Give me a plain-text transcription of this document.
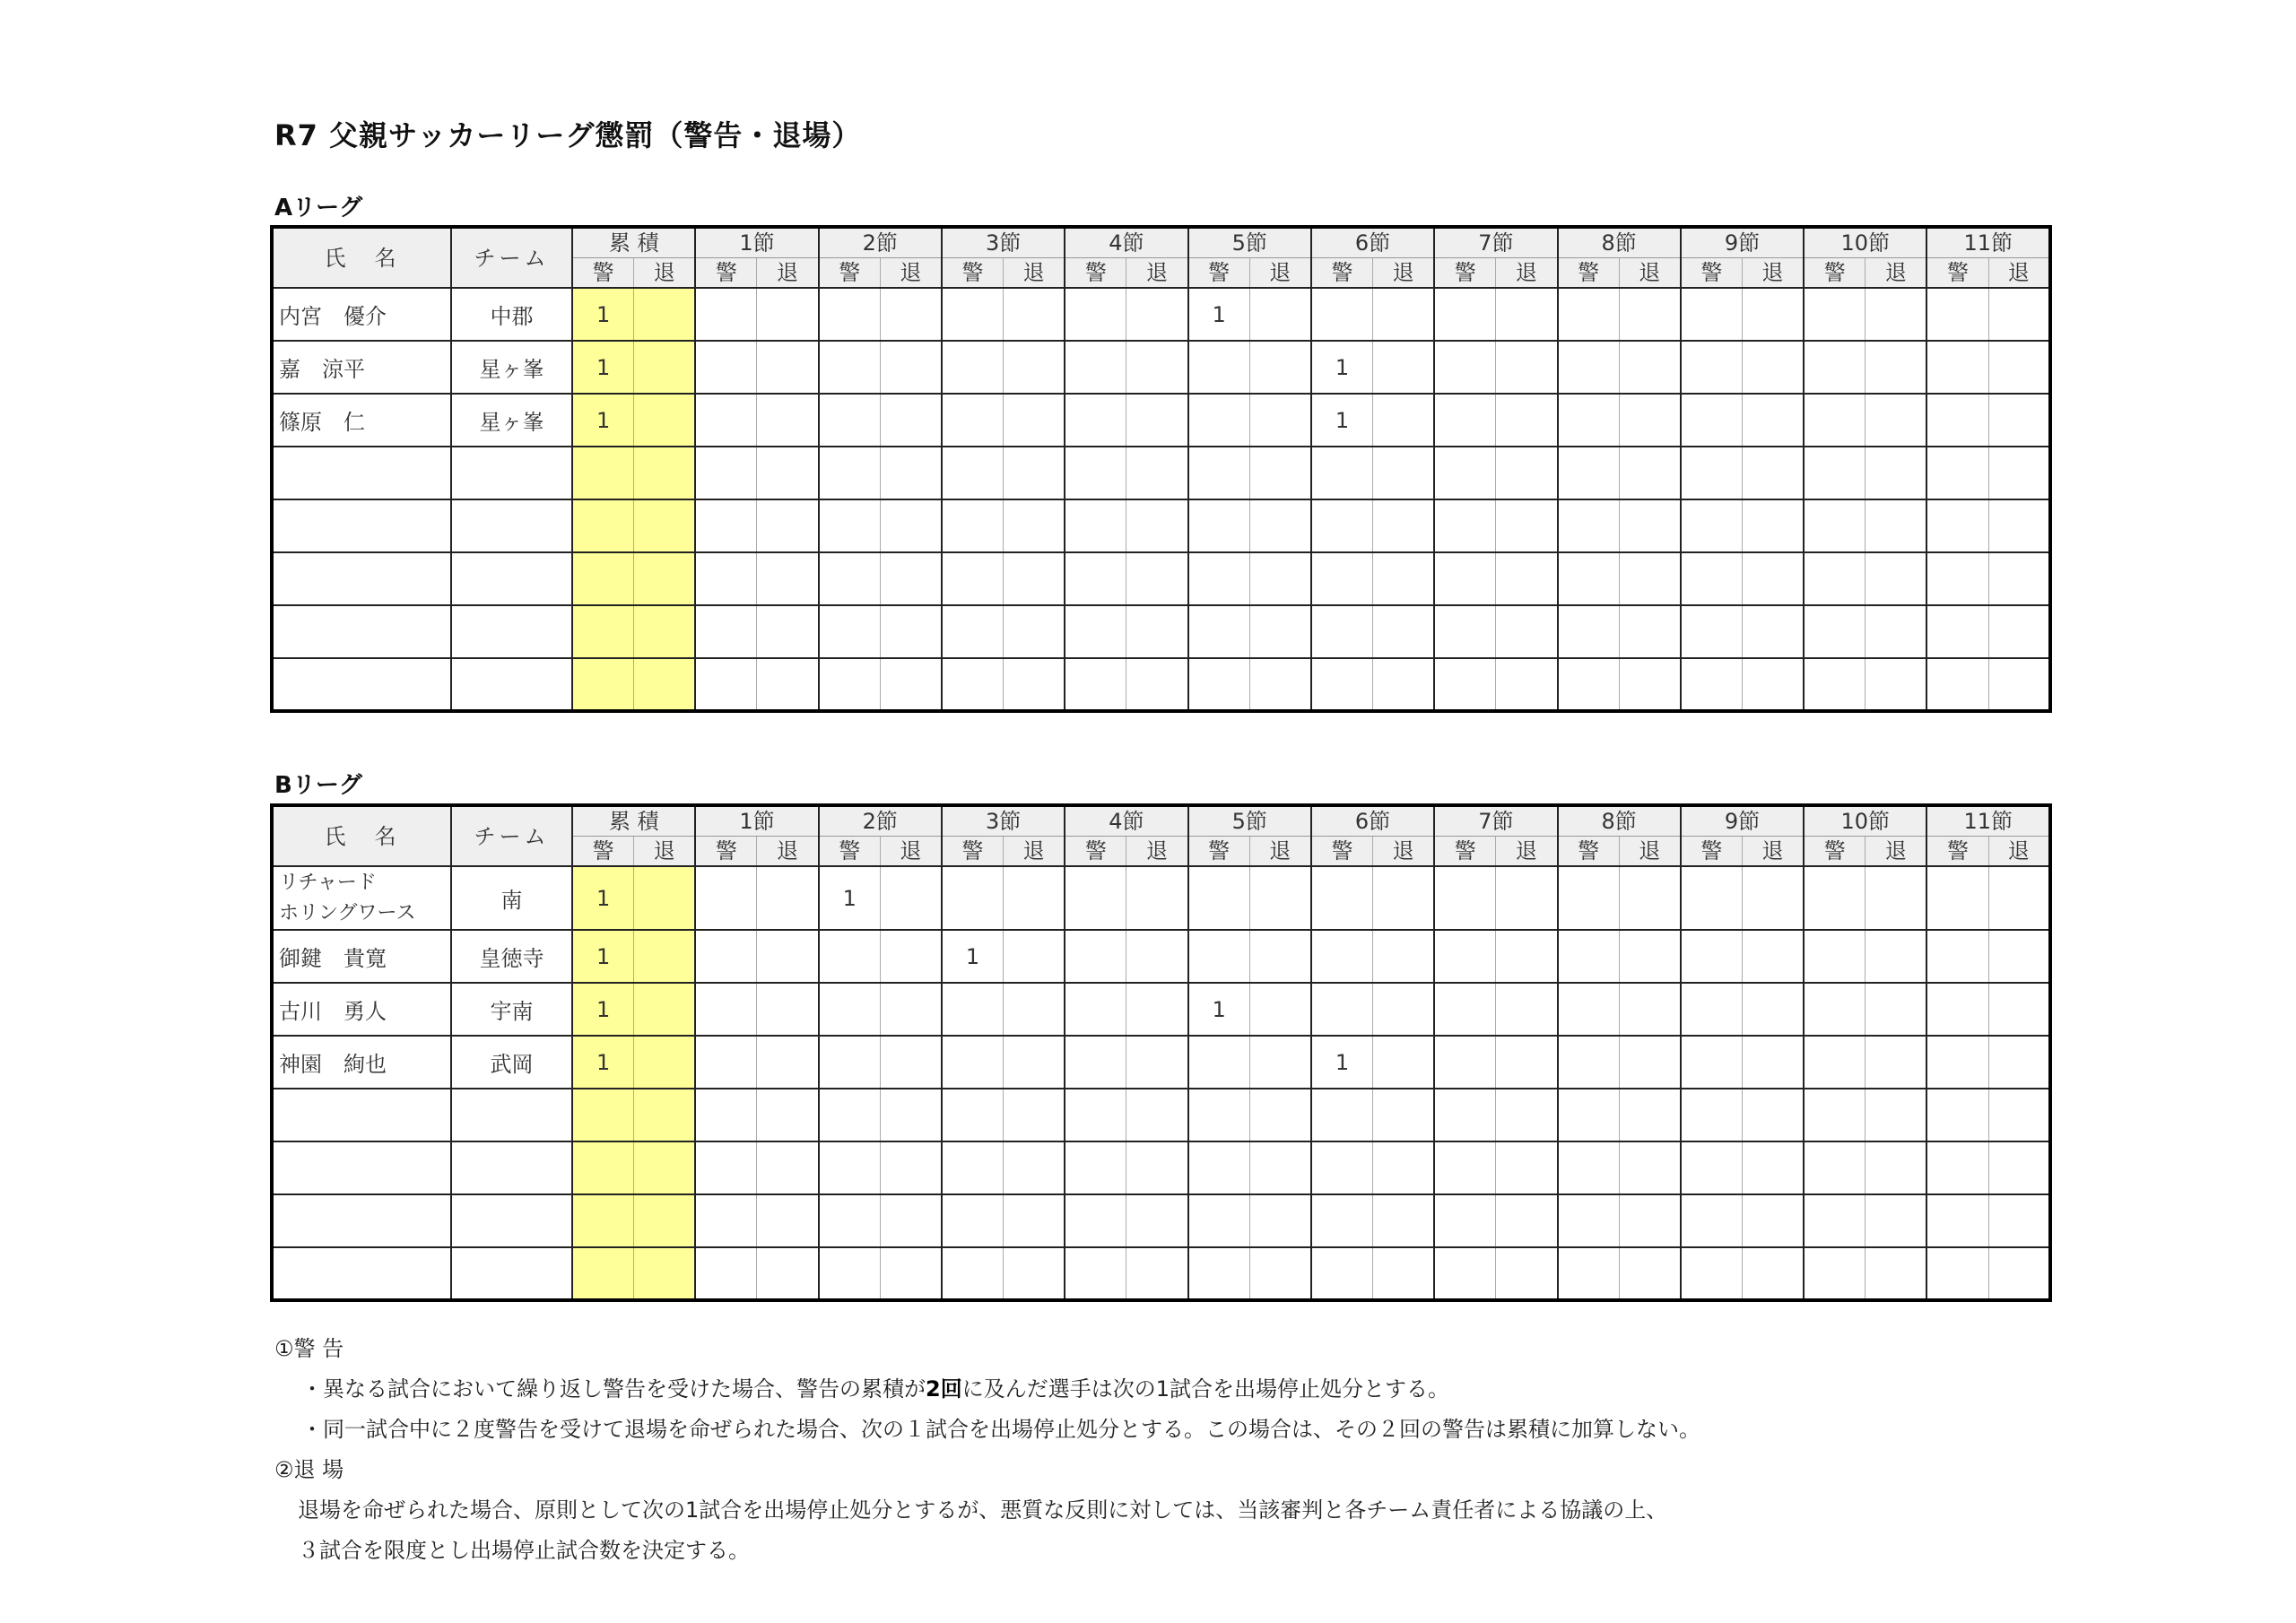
R7 父親サッカーリーグ懲罰（警告・退場）
Aリーグ
氏　名	チーム	累 積		1節		2節		3節		4節		5節		6節		7節		8節		9節		10節		11節	
		警	退	警	退	警	退	警	退	警	退	警	退	警	退	警	退	警	退	警	退	警	退	警	退
内宮　優介	中郡	1										1													
嘉　涼平	星ヶ峯	1												1											
篠原　仁	星ヶ峯	1												1											

Bリーグ
氏　名	チーム	累 積		1節		2節		3節		4節		5節		6節		7節		8節		9節		10節		11節	
		警	退	警	退	警	退	警	退	警	退	警	退	警	退	警	退	警	退	警	退	警	退	警	退
リチャード
ホリングワース	南	1				1																			
御鍵　貴寛	皇徳寺	1						1																	
古川　勇人	宇南	1										1													
神園　絢也	武岡	1												1											

①警 告
・異なる試合において繰り返し警告を受けた場合、警告の累積が2回に及んだ選手は次の1試合を出場停止処分とする。
・同一試合中に２度警告を受けて退場を命ぜられた場合、次の１試合を出場停止処分とする。この場合は、その２回の警告は累積に加算しない。
②退 場
退場を命ぜられた場合、原則として次の1試合を出場停止処分とするが、悪質な反則に対しては、当該審判と各チーム責任者による協議の上、
３試合を限度とし出場停止試合数を決定する。
